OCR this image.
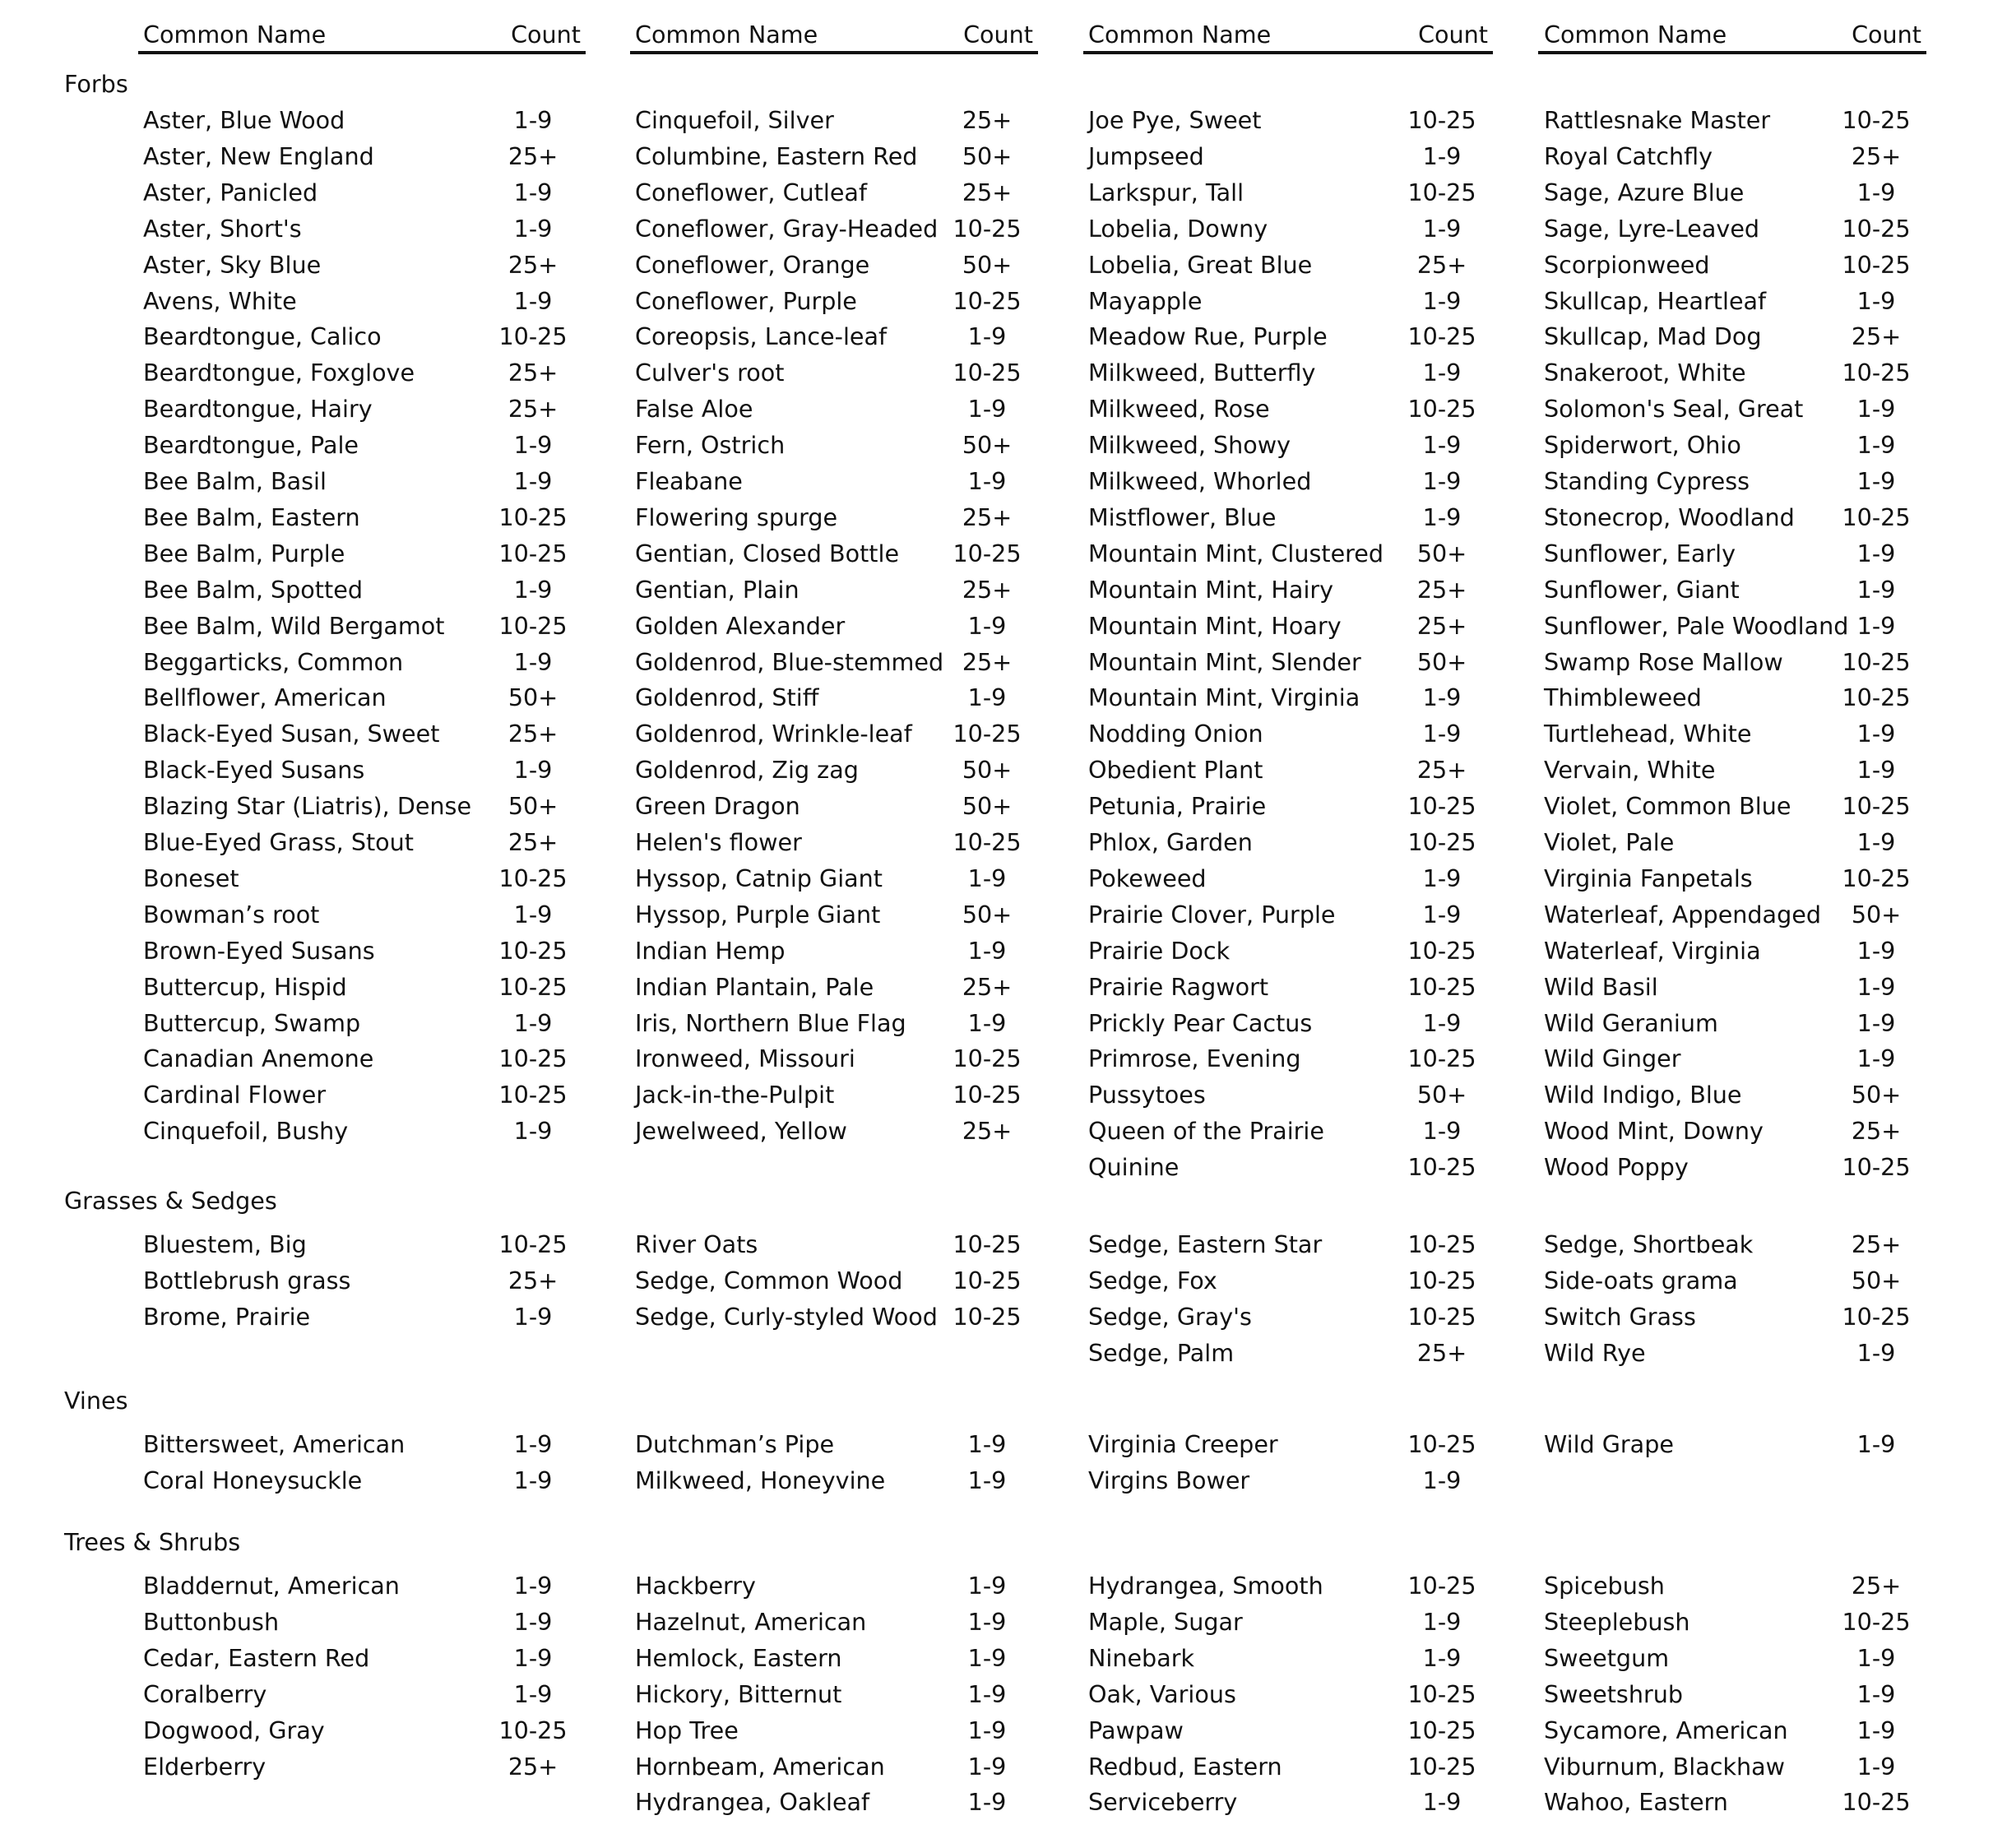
Common Name	Count Common Name	Count Common Name	Count Common Name	Count
Forbs
Aster, Blue Wood	1-9
Aster, New England	25+
Aster, Panicled	1-9
Aster, Short's	1-9
Aster, Sky Blue	25+
Avens, White	1-9
Beardtongue, Calico	10-25
Beardtongue, Foxglove	25+
Beardtongue, Hairy	25+
Beardtongue, Pale	1-9
Bee Balm, Basil	1-9
Bee Balm, Eastern	10-25
Bee Balm, Purple	10-25
Bee Balm, Spotted	1-9
Bee Balm, Wild Bergamot	10-25
Beggarticks, Common	1-9
Bellflower, American	50+
Black-Eyed Susan, Sweet	25+
Black-Eyed Susans	1-9
Blazing Star (Liatris), Dense	50+
Blue-Eyed Grass, Stout	25+
Boneset	10-25
Bowman’s root	1-9
Brown-Eyed Susans	10-25
Buttercup, Hispid	10-25
Buttercup, Swamp	1-9
Canadian Anemone	10-25
Cardinal Flower	10-25
Cinquefoil, Bushy	1-9
Cinquefoil, Silver	25+
Columbine, Eastern Red	50+
Coneflower, Cutleaf	25+
Coneflower, Gray-Headed 10-25
Coneflower, Orange	50+
Coneflower, Purple	10-25
Coreopsis, Lance-leaf	1-9
Culver's root	10-25
False Aloe	1-9
Fern, Ostrich	50+
Fleabane	1-9
Flowering spurge	25+
Gentian, Closed Bottle	10-25
Gentian, Plain	25+
Golden Alexander	1-9
Goldenrod, Blue-stemmed 25+
Goldenrod, Stiff	1-9
Goldenrod, Wrinkle-leaf	10-25
Goldenrod, Zig zag	50+
Green Dragon	50+
Helen's flower	10-25
Hyssop, Catnip Giant	1-9
Hyssop, Purple Giant	50+
Indian Hemp	1-9
Indian Plantain, Pale	25+
Iris, Northern Blue Flag	1-9
Ironweed, Missouri	10-25
Jack-in-the-Pulpit	10-25
Jewelweed, Yellow	25+
Joe Pye, Sweet	10-25
Jumpseed	1-9
Larkspur, Tall	10-25
Lobelia, Downy	1-9
Lobelia, Great Blue	25+
Mayapple	1-9
Meadow Rue, Purple	10-25
Milkweed, Butterfly	1-9
Milkweed, Rose	10-25
Milkweed, Showy	1-9
Milkweed, Whorled	1-9
Mistflower, Blue	1-9
Mountain Mint, Clustered	50+
Mountain Mint, Hairy	25+
Mountain Mint, Hoary	25+
Mountain Mint, Slender	50+
Mountain Mint, Virginia	1-9
Nodding Onion	1-9
Obedient Plant	25+
Petunia, Prairie	10-25
Phlox, Garden	10-25
Pokeweed	1-9
Prairie Clover, Purple	1-9
Prairie Dock	10-25
Prairie Ragwort	10-25
Prickly Pear Cactus	1-9
Primrose, Evening	10-25
Pussytoes	50+
Queen of the Prairie	1-9
Quinine	10-25
Rattlesnake Master	10-25
Royal Catchfly	25+
Sage, Azure Blue	1-9
Sage, Lyre-Leaved	10-25
Scorpionweed	10-25
Skullcap, Heartleaf	1-9
Skullcap, Mad Dog	25+
Snakeroot, White	10-25
Solomon's Seal, Great	1-9
Spiderwort, Ohio	1-9
Standing Cypress	1-9
Stonecrop, Woodland	10-25
Sunflower, Early	1-9
Sunflower, Giant	1-9
Sunflower, Pale Woodland 1-9
Swamp Rose Mallow	10-25
Thimbleweed	10-25
Turtlehead, White	1-9
Vervain, White	1-9
Violet, Common Blue	10-25
Violet, Pale	1-9
Virginia Fanpetals	10-25
Waterleaf, Appendaged	50+
Waterleaf, Virginia	1-9
Wild Basil	1-9
Wild Geranium	1-9
Wild Ginger	1-9
Wild Indigo, Blue	50+
Wood Mint, Downy	25+
Wood Poppy	10-25
Grasses & Sedges
Bluestem, Big	10-25
Bottlebrush grass	25+
Brome, Prairie	1-9
River Oats	10-25
Sedge, Common Wood	10-25
Sedge, Curly-styled Wood 10-25
Sedge, Eastern Star	10-25
Sedge, Fox	10-25
Sedge, Gray's	10-25
Sedge, Palm	25+
Sedge, Shortbeak	25+
Side-oats grama	50+
Switch Grass	10-25
Wild Rye	1-9
Vines
Bittersweet, American	1-9
Coral Honeysuckle	1-9
Dutchman’s Pipe	1-9
Milkweed, Honeyvine	1-9
Virginia Creeper	10-25
Virgins Bower	1-9
Wild Grape	1-9
Trees & Shrubs
Bladdernut, American	1-9
Buttonbush	1-9
Cedar, Eastern Red	1-9
Coralberry	1-9
Dogwood, Gray	10-25
Elderberry	25+
Hackberry	1-9
Hazelnut, American	1-9
Hemlock, Eastern	1-9
Hickory, Bitternut	1-9
Hop Tree	1-9
Hornbeam, American	1-9
Hydrangea, Oakleaf	1-9
Hydrangea, Smooth	10-25
Maple, Sugar	1-9
Ninebark	1-9
Oak, Various	10-25
Pawpaw	10-25
Redbud, Eastern	10-25
Serviceberry	1-9
Spicebush	25+
Steeplebush	10-25
Sweetgum	1-9
Sweetshrub	1-9
Sycamore, American	1-9
Viburnum, Blackhaw	1-9
Wahoo, Eastern	10-25
